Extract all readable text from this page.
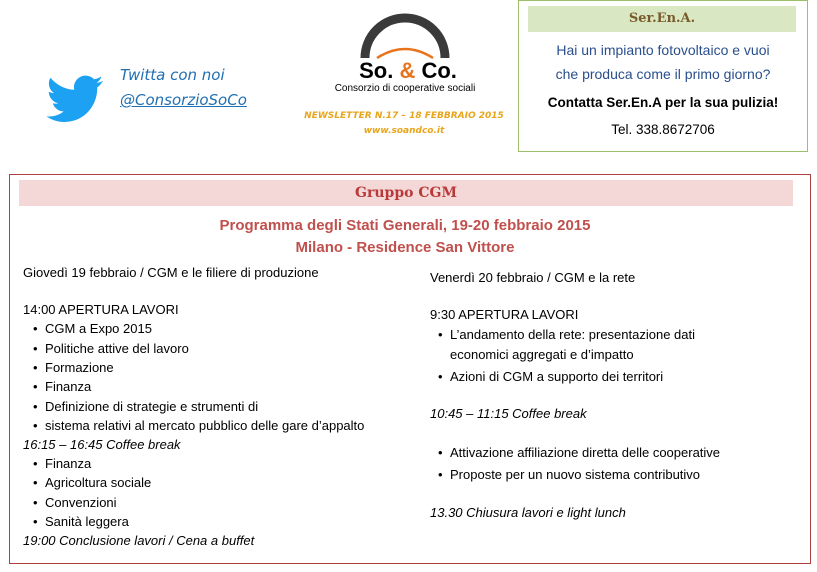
Twitta con noi
@ConsorzioSoCo
So. & Co.
Consorzio di cooperative sociali
NEWSLETTER N.17 – 18 FEBBRAIO 2015
www.soandco.it
Ser.En.A.
Hai un impianto fotovoltaico e vuoi
che produca come il primo giorno?
Contatta Ser.En.A per la sua pulizia!
Tel. 338.8672706
Gruppo CGM
Programma degli Stati Generali, 19-20 febbraio 2015
Milano - Residence San Vittore
Giovedì 19 febbraio / CGM e le filiere di produzione
14:00 APERTURA LAVORI
• CGM a Expo 2015
• Politiche attive del lavoro
• Formazione
• Finanza
• Definizione di strategie e strumenti di
• sistema relativi al mercato pubblico delle gare d’appalto
16:15 – 16:45 Coffee break
• Finanza
• Agricoltura sociale
• Convenzioni
• Sanità leggera
19:00 Conclusione lavori / Cena a buffet
Venerdì 20 febbraio / CGM e la rete
9:30 APERTURA LAVORI
• L’andamento della rete: presentazione dati
economici aggregati e d’impatto
• Azioni di CGM a supporto dei territori
10:45 – 11:15 Coffee break
• Attivazione affiliazione diretta delle cooperative
• Proposte per un nuovo sistema contributivo
13.30 Chiusura lavori e light lunch
